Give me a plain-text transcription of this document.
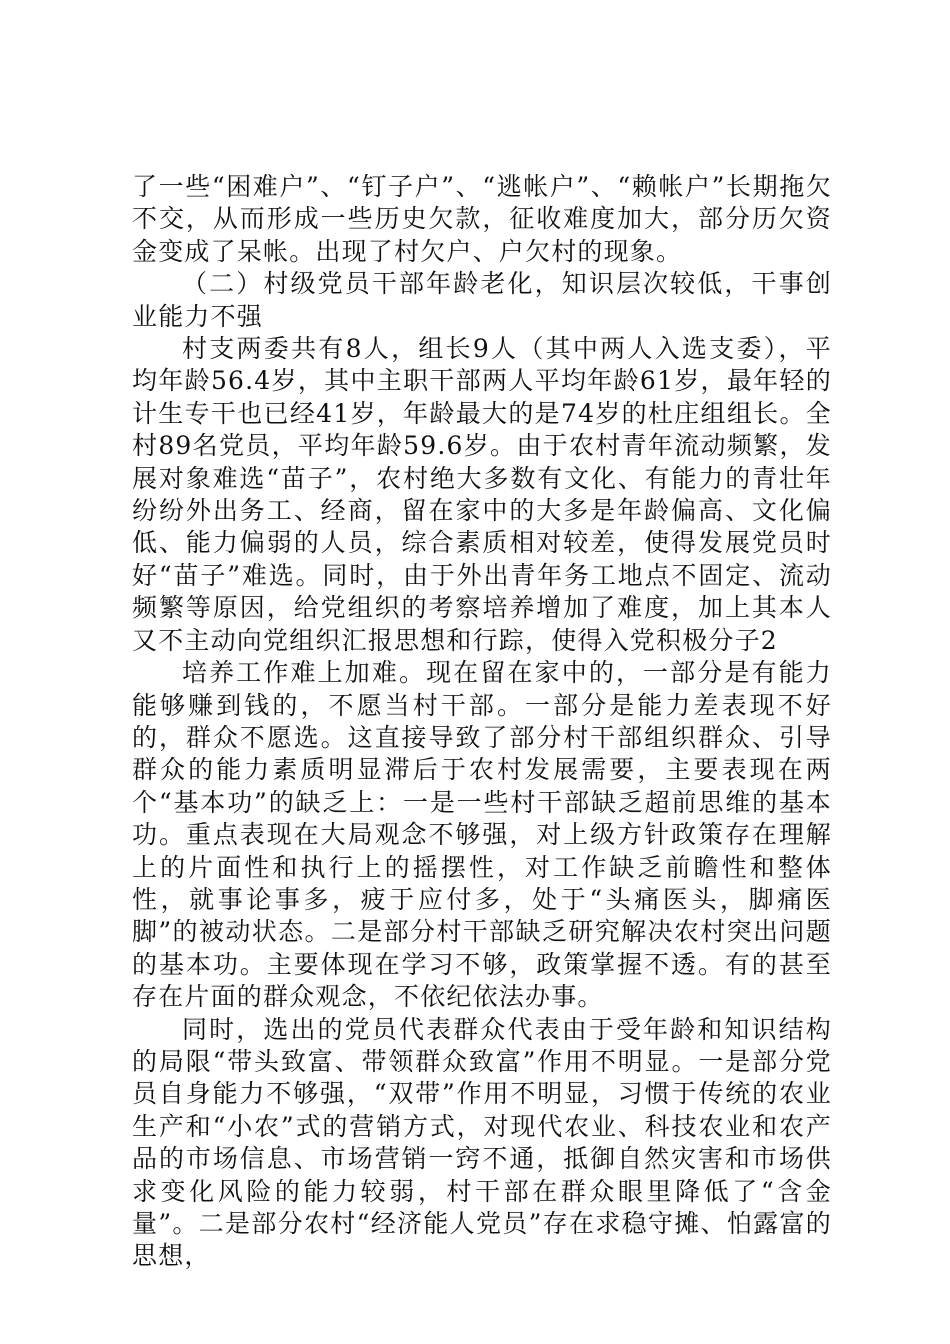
了一些“困难户”、“钉子户”、“逃帐户”、“赖帐户”长期拖欠不交，从而形成一些历史欠款，征收难度加大，部分历欠资金变成了呆帐。出现了村欠户、户欠村的现象。

（二）村级党员干部年龄老化，知识层次较低，干事创业能力不强

村支两委共有8人，组长9人（其中两人入选支委），平均年龄56.4岁，其中主职干部两人平均年龄61岁，最年轻的计生专干也已经41岁，年龄最大的是74岁的杜庄组组长。全村89名党员，平均年龄59.6岁。由于农村青年流动频繁，发展对象难选“苗子”，农村绝大多数有文化、有能力的青壮年纷纷外出务工、经商，留在家中的大多是年龄偏高、文化偏低、能力偏弱的人员，综合素质相对较差，使得发展党员时好“苗子”难选。同时，由于外出青年务工地点不固定、流动频繁等原因，给党组织的考察培养增加了难度，加上其本人又不主动向党组织汇报思想和行踪，使得入党积极分子2

培养工作难上加难。现在留在家中的，一部分是有能力能够赚到钱的，不愿当村干部。一部分是能力差表现不好的，群众不愿选。这直接导致了部分村干部组织群众、引导群众的能力素质明显滞后于农村发展需要，主要表现在两个“基本功”的缺乏上：一是一些村干部缺乏超前思维的基本功。重点表现在大局观念不够强，对上级方针政策存在理解上的片面性和执行上的摇摆性，对工作缺乏前瞻性和整体性，就事论事多，疲于应付多，处于“头痛医头，脚痛医脚”的被动状态。二是部分村干部缺乏研究解决农村突出问题的基本功。主要体现在学习不够，政策掌握不透。有的甚至存在片面的群众观念，不依纪依法办事。

同时，选出的党员代表群众代表由于受年龄和知识结构的局限“带头致富、带领群众致富”作用不明显。一是部分党员自身能力不够强，“双带”作用不明显，习惯于传统的农业生产和“小农”式的营销方式，对现代农业、科技农业和农产品的市场信息、市场营销一窍不通，抵御自然灾害和市场供求变化风险的能力较弱，村干部在群众眼里降低了“含金量”。二是部分农村“经济能人党员”存在求稳守摊、怕露富的思想，
